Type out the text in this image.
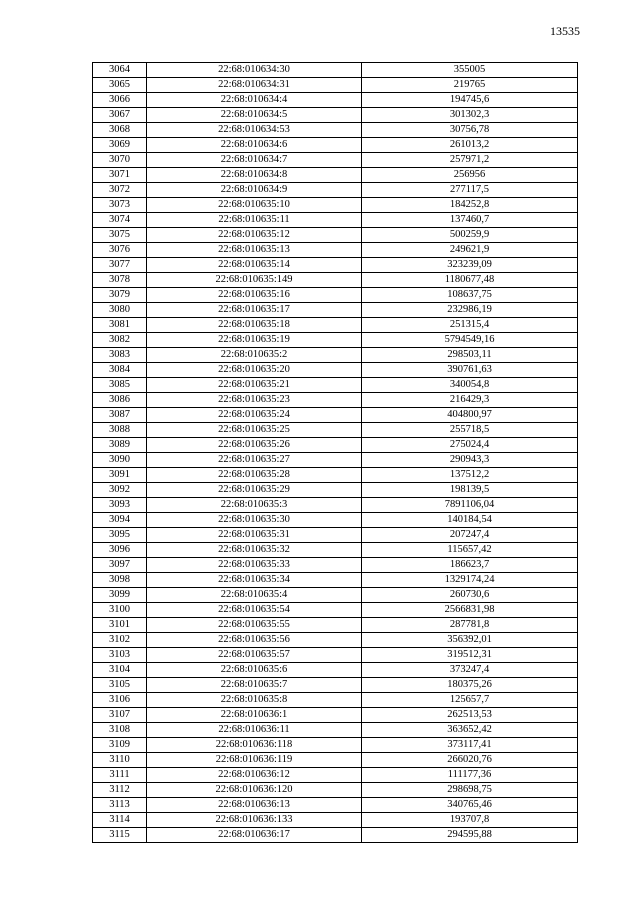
13535
3064	22:68:010634:30	355005
3065	22:68:010634:31	219765
3066	22:68:010634:4	194745,6
3067	22:68:010634:5	301302,3
3068	22:68:010634:53	30756,78
3069	22:68:010634:6	261013,2
3070	22:68:010634:7	257971,2
3071	22:68:010634:8	256956
3072	22:68:010634:9	277117,5
3073	22:68:010635:10	184252,8
3074	22:68:010635:11	137460,7
3075	22:68:010635:12	500259,9
3076	22:68:010635:13	249621,9
3077	22:68:010635:14	323239,09
3078	22:68:010635:149	1180677,48
3079	22:68:010635:16	108637,75
3080	22:68:010635:17	232986,19
3081	22:68:010635:18	251315,4
3082	22:68:010635:19	5794549,16
3083	22:68:010635:2	298503,11
3084	22:68:010635:20	390761,63
3085	22:68:010635:21	340054,8
3086	22:68:010635:23	216429,3
3087	22:68:010635:24	404800,97
3088	22:68:010635:25	255718,5
3089	22:68:010635:26	275024,4
3090	22:68:010635:27	290943,3
3091	22:68:010635:28	137512,2
3092	22:68:010635:29	198139,5
3093	22:68:010635:3	7891106,04
3094	22:68:010635:30	140184,54
3095	22:68:010635:31	207247,4
3096	22:68:010635:32	115657,42
3097	22:68:010635:33	186623,7
3098	22:68:010635:34	1329174,24
3099	22:68:010635:4	260730,6
3100	22:68:010635:54	2566831,98
3101	22:68:010635:55	287781,8
3102	22:68:010635:56	356392,01
3103	22:68:010635:57	319512,31
3104	22:68:010635:6	373247,4
3105	22:68:010635:7	180375,26
3106	22:68:010635:8	125657,7
3107	22:68:010636:1	262513,53
3108	22:68:010636:11	363652,42
3109	22:68:010636:118	373117,41
3110	22:68:010636:119	266020,76
3111	22:68:010636:12	111177,36
3112	22:68:010636:120	298698,75
3113	22:68:010636:13	340765,46
3114	22:68:010636:133	193707,8
3115	22:68:010636:17	294595,88
